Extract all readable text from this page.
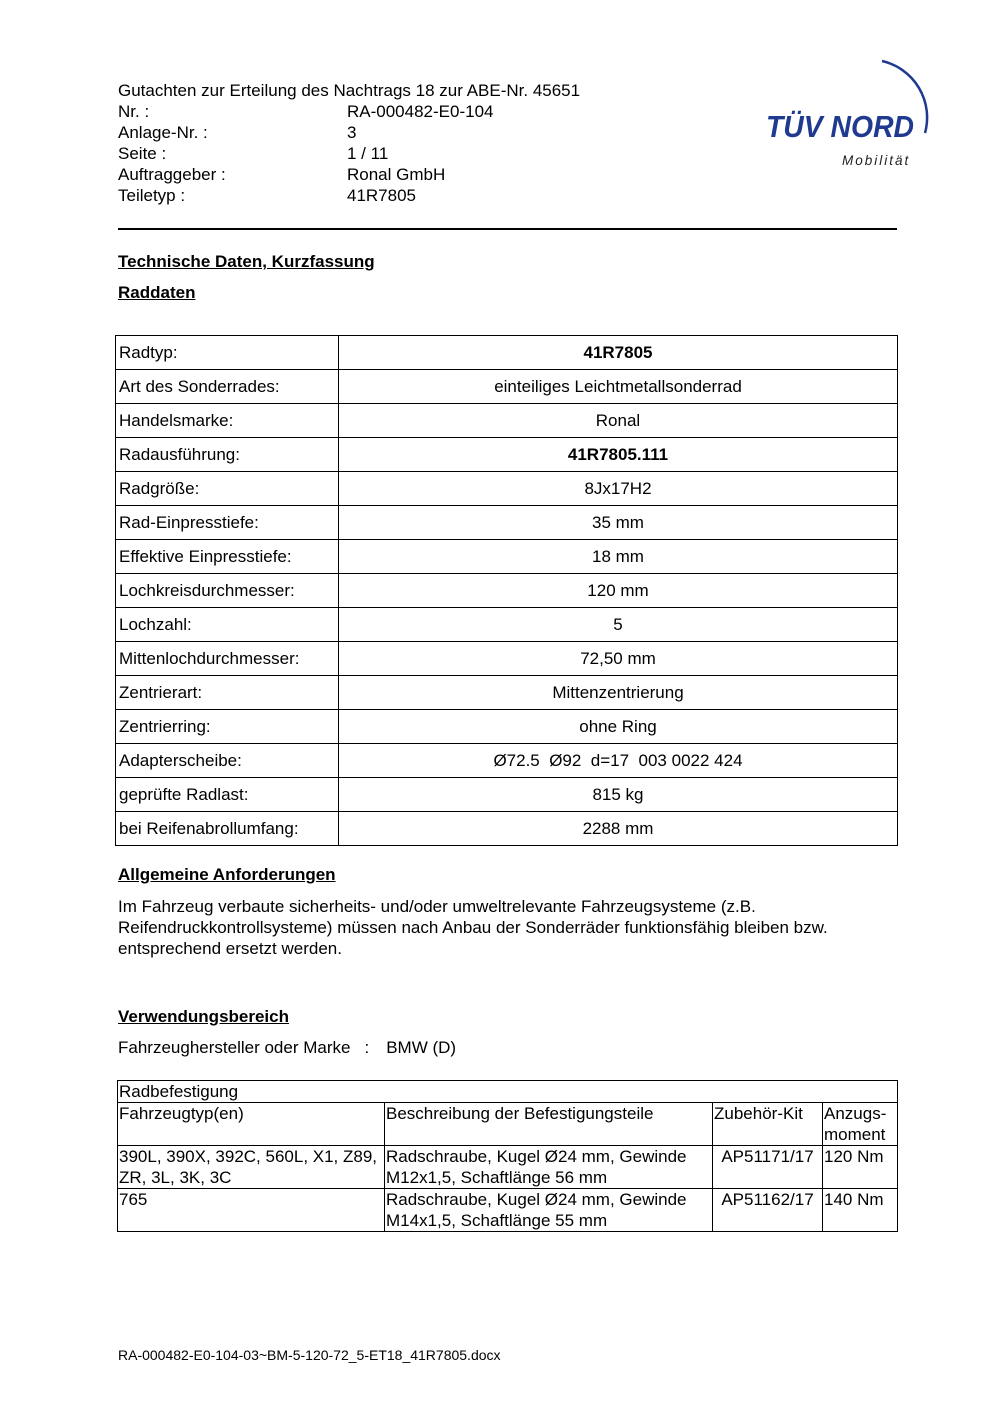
Gutachten zur Erteilung des Nachtrags 18 zur ABE-Nr. 45651
Nr. :	RA-000482-E0-104
Anlage-Nr. :	3
Seite :	1 / 11
Auftraggeber :	Ronal GmbH
Teiletyp :	41R7805
TÜV NORD
Mobilität
Technische Daten, Kurzfassung
Raddaten
Radtyp:	41R7805
Art des Sonderrades:	einteiliges Leichtmetallsonderrad
Handelsmarke:	Ronal
Radausführung:	41R7805.111
Radgröße:	8Jx17H2
Rad-Einpresstiefe:	35 mm
Effektive Einpresstiefe:	18 mm
Lochkreisdurchmesser:	120 mm
Lochzahl:	5
Mittenlochdurchmesser:	72,50 mm
Zentrierart:	Mittenzentrierung
Zentrierring:	ohne Ring
Adapterscheibe:	Ø72.5  Ø92  d=17  003 0022 424
geprüfte Radlast:	815 kg
bei Reifenabrollumfang:	2288 mm
Allgemeine Anforderungen
Im Fahrzeug verbaute sicherheits- und/oder umweltrelevante Fahrzeugsysteme (z.B. Reifendruckkontrollsysteme) müssen nach Anbau der Sonderräder funktionsfähig bleiben bzw. entsprechend ersetzt werden.
Verwendungsbereich
Fahrzeughersteller oder Marke : BMW (D)
Radbefestigung			
Fahrzeugtyp(en)	Beschreibung der Befestigungsteile	Zubehör-Kit	Anzugs-moment
390L, 390X, 392C, 560L, X1, Z89, ZR, 3L, 3K, 3C	Radschraube, Kugel Ø24 mm, Gewinde M12x1,5, Schaftlänge 56 mm	AP51171/17	120 Nm
765	Radschraube, Kugel Ø24 mm, Gewinde M14x1,5, Schaftlänge 55 mm	AP51162/17	140 Nm
RA-000482-E0-104-03~BM-5-120-72_5-ET18_41R7805.docx
